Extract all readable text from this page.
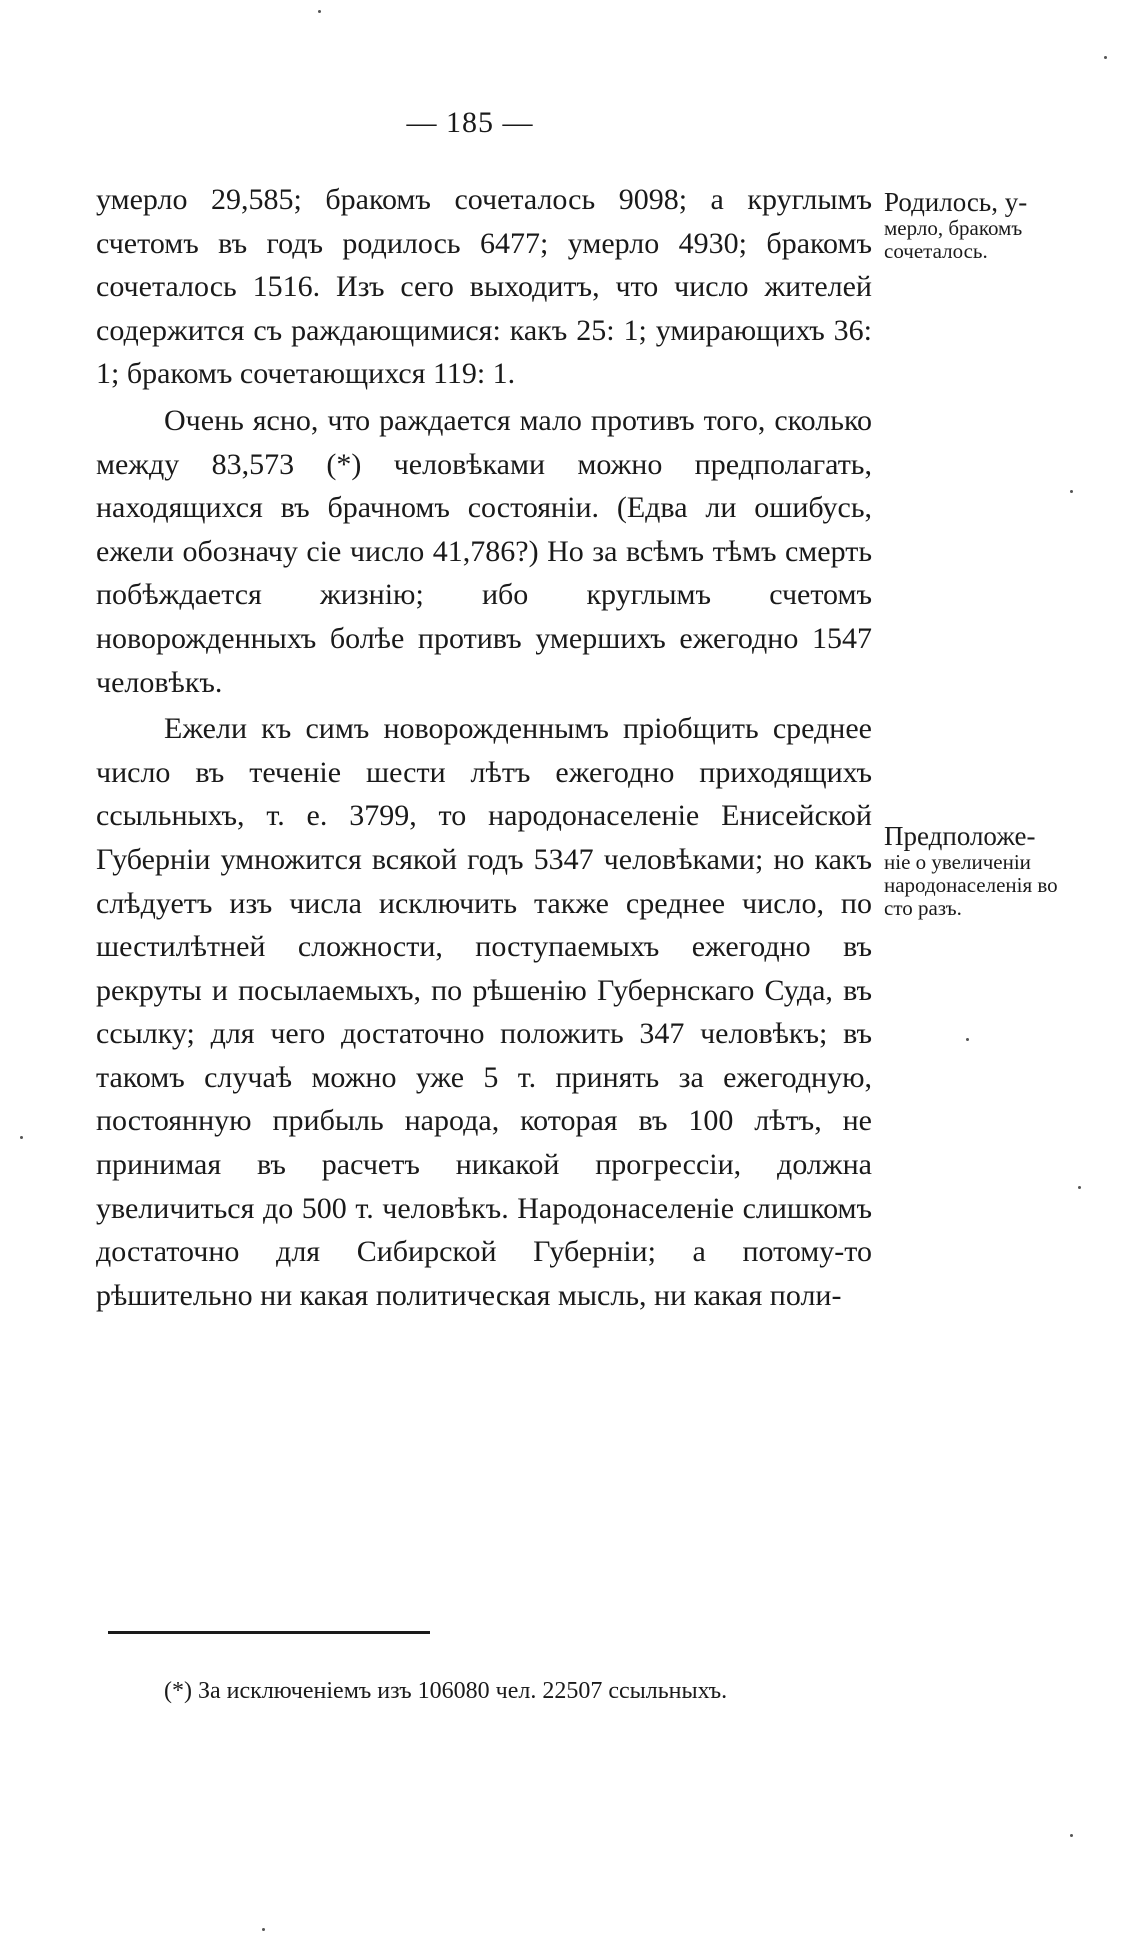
— 185 —

умерло 29,585; бракомъ сочеталось 9098; а круглымъ счетомъ въ годъ родилось 6477; умерло 4930; бракомъ сочеталось 1516. Изъ сего выходитъ, что число жителей содержится съ раждающимися: какъ 25: 1; умирающихъ 36: 1; бракомъ сочетающихся 119: 1.

Очень ясно, что раждается мало противъ того, сколько между 83,573 (*) человѣками можно предполагать, находящихся въ брачномъ состоянiи. (Едва ли ошибусь, ежели обозначу сiе число 41,786?) Но за всѣмъ тѣмъ смерть побѣждается жизнiю; ибо круглымъ счетомъ новорожденныхъ болѣе противъ умершихъ ежегодно 1547 человѣкъ.

Ежели къ симъ новорожденнымъ прiобщить среднее число въ теченiе шести лѣтъ ежегодно приходящихъ ссыльныхъ, т. е. 3799, то народонаселенiе Енисейской Губернiи умножится всякой годъ 5347 человѣками; но какъ слѣдуетъ изъ числа исключить также среднее число, по шестилѣтней сложности, поступаемыхъ ежегодно въ рекруты и посылаемыхъ, по рѣшенiю Губернскаго Суда, въ ссылку; для чего достаточно положить 347 человѣкъ; въ такомъ случаѣ можно уже 5 т. принять за ежегодную, постоянную прибыль народа, которая въ 100 лѣтъ, не принимая въ расчетъ никакой прогрессiи, должна увеличиться до 500 т. человѣкъ. Народонаселенiе слишкомъ достаточно для Сибирской Губернiи; а потому-то рѣшительно ни какая политическая мысль, ни какая поли-

Родилось, у-
мерло, бракомъ сочеталось.
Предположе-
нiе о увеличенiи народонаселенiя во сто разъ.
(*) За исключенiемъ изъ 106080 чел. 22507 ссыльныхъ.
